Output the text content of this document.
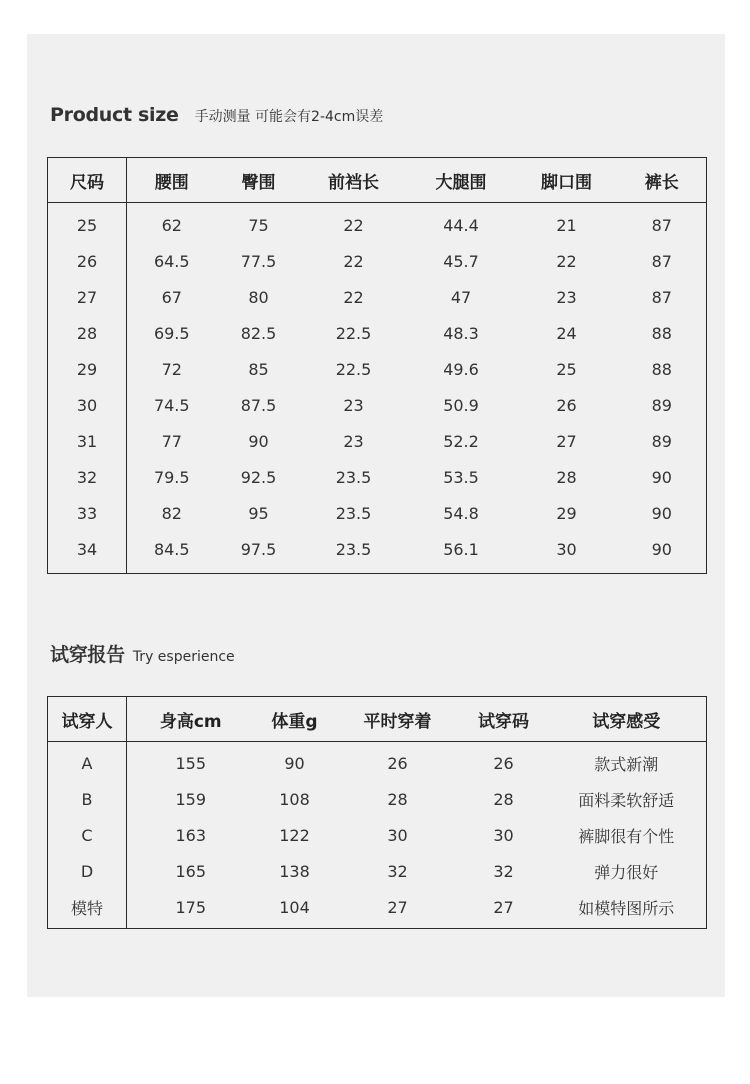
Product size 手动测量 可能会有2-4cm误差
尺码	腰围	臀围	前裆长	大腿围	脚口围	裤长
25	62	75	22	44.4	21	87
26	64.5	77.5	22	45.7	22	87
27	67	80	22	47	23	87
28	69.5	82.5	22.5	48.3	24	88
29	72	85	22.5	49.6	25	88
30	74.5	87.5	23	50.9	26	89
31	77	90	23	52.2	27	89
32	79.5	92.5	23.5	53.5	28	90
33	82	95	23.5	54.8	29	90
34	84.5	97.5	23.5	56.1	30	90
试穿报告 Try esperience
试穿人	身高cm	体重g	平时穿着	试穿码	试穿感受
A	155	90	26	26	款式新潮
B	159	108	28	28	面料柔软舒适
C	163	122	30	30	裤脚很有个性
D	165	138	32	32	弹力很好
模特	175	104	27	27	如模特图所示
